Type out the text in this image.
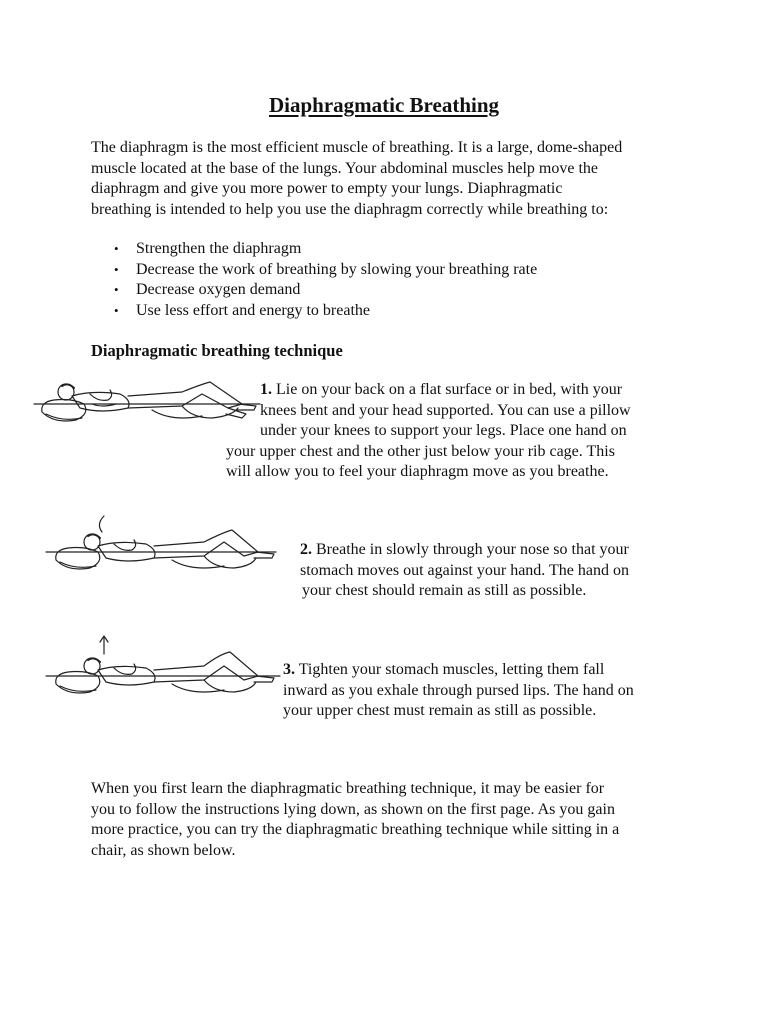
Diaphragmatic Breathing
The diaphragm is the most efficient muscle of breathing. It is a large, dome-shaped
muscle located at the base of the lungs. Your abdominal muscles help move the
diaphragm and give you more power to empty your lungs. Diaphragmatic
breathing is intended to help you use the diaphragm correctly while breathing to:
• Strengthen the diaphragm
• Decrease the work of breathing by slowing your breathing rate
• Decrease oxygen demand
• Use less effort and energy to breathe
Diaphragmatic breathing technique
1. Lie on your back on a flat surface or in bed, with your
knees bent and your head supported. You can use a pillow
under your knees to support your legs. Place one hand on
your upper chest and the other just below your rib cage. This
will allow you to feel your diaphragm move as you breathe.
2. Breathe in slowly through your nose so that your
stomach moves out against your hand. The hand on
your chest should remain as still as possible.
3. Tighten your stomach muscles, letting them fall
inward as you exhale through pursed lips. The hand on
your upper chest must remain as still as possible.
When you first learn the diaphragmatic breathing technique, it may be easier for
you to follow the instructions lying down, as shown on the first page. As you gain
more practice, you can try the diaphragmatic breathing technique while sitting in a
chair, as shown below.
